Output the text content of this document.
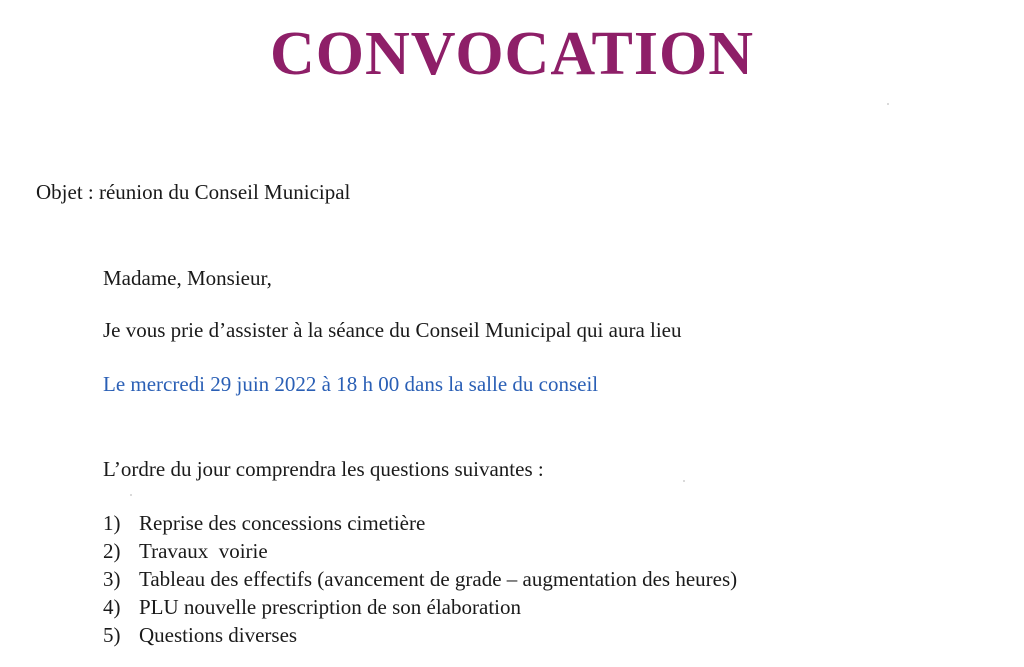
CONVOCATION
Objet : réunion du Conseil Municipal
Madame, Monsieur,
Je vous prie d’assister à la séance du Conseil Municipal qui aura lieu
Le mercredi 29 juin 2022 à 18 h 00 dans la salle du conseil
L’ordre du jour comprendra les questions suivantes :
1) Reprise des concessions cimetière
2) Travaux  voirie
3) Tableau des effectifs (avancement de grade – augmentation des heures)
4) PLU nouvelle prescription de son élaboration
5) Questions diverses
